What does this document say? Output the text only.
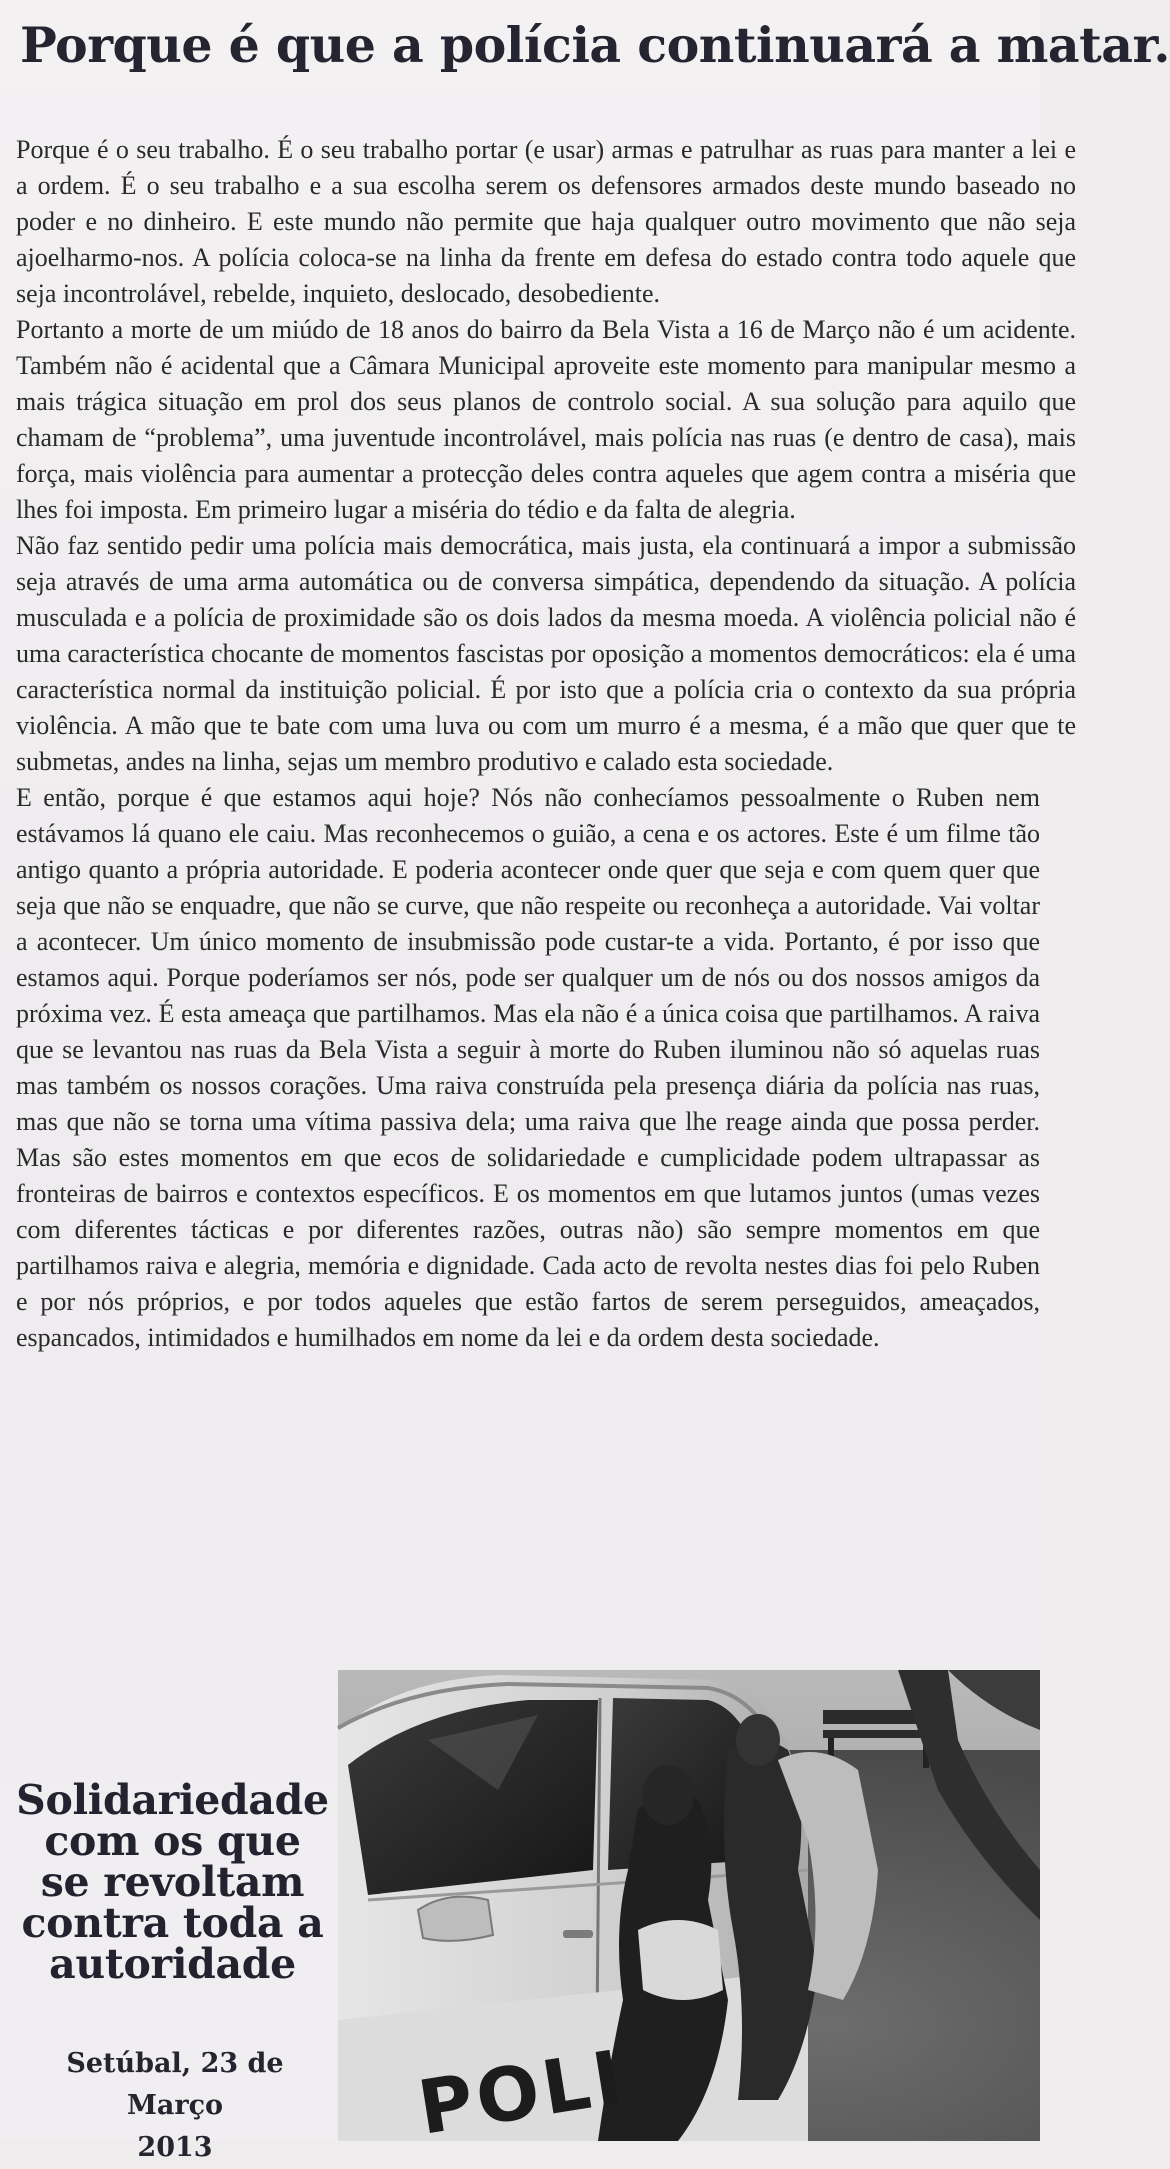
Porque é que a polícia continuará a matar.

Porque é o seu trabalho. É o seu trabalho portar (e usar) armas e patrulhar as ruas para manter a lei e a ordem. É o seu trabalho e a sua escolha serem os defensores armados deste mundo baseado no poder e no dinheiro. E este mundo não permite que haja qualquer outro movimento que não seja ajoelharmo-nos. A polícia coloca-se na linha da frente em defesa do estado contra todo aquele que seja incontrolável, rebelde, inquieto, deslocado, desobediente.

Portanto a morte de um miúdo de 18 anos do bairro da Bela Vista a 16 de Março não é um acidente. Também não é acidental que a Câmara Municipal aproveite este momento para manipular mesmo a mais trágica situação em prol dos seus planos de controlo social. A sua solução para aquilo que chamam de “problema”, uma juventude incontrolável, mais polícia nas ruas (e dentro de casa), mais força, mais violência para aumentar a protecção deles contra aqueles que agem contra a miséria que lhes foi imposta. Em primeiro lugar a miséria do tédio e da falta de alegria.

Não faz sentido pedir uma polícia mais democrática, mais justa, ela continuará a impor a submissão seja através de uma arma automática ou de conversa simpática, dependendo da situação. A polícia musculada e a polícia de proximidade são os dois lados da mesma moeda. A violência policial não é uma característica chocante de momentos fascistas por oposição a momentos democráticos: ela é uma característica normal da instituição policial. É por isto que a polícia cria o contexto da sua própria violência. A mão que te bate com uma luva ou com um murro é a mesma, é a mão que quer que te submetas, andes na linha, sejas um membro produtivo e calado esta sociedade.

E então, porque é que estamos aqui hoje? Nós não conhecíamos pessoalmente o Ruben nem estávamos lá quano ele caiu. Mas reconhecemos o guião, a cena e os actores. Este é um filme tão antigo quanto a própria autoridade. E poderia acontecer onde quer que seja e com quem quer que seja que não se enquadre, que não se curve, que não respeite ou reconheça a autoridade. Vai voltar a acontecer. Um único momento de insubmissão pode custar-te a vida. Portanto, é por isso que estamos aqui. Porque poderíamos ser nós, pode ser qualquer um de nós ou dos nossos amigos da próxima vez. É esta ameaça que partilhamos. Mas ela não é a única coisa que partilhamos. A raiva que se levantou nas ruas da Bela Vista a seguir à morte do Ruben iluminou não só aquelas ruas mas também os nossos corações. Uma raiva construída pela presença diária da polícia nas ruas, mas que não se torna uma vítima passiva dela; uma raiva que lhe reage ainda que possa perder. Mas são estes momentos em que ecos de solidariedade e cumplicidade podem ultrapassar as fronteiras de bairros e contextos específicos. E os momentos em que lutamos juntos (umas vezes com diferentes tácticas e por diferentes razões, outras não) são sempre momentos em que partilhamos raiva e alegria, memória e dignidade. Cada acto de revolta nestes dias foi pelo Ruben e por nós próprios, e por todos aqueles que estão fartos de serem perseguidos, ameaçados, espancados, intimidados e humilhados em nome da lei e da ordem desta sociedade.

Solidariedade
com os que
se revoltam
contra toda a
autoridade
Setúbal, 23 de Março
2013	POLI
